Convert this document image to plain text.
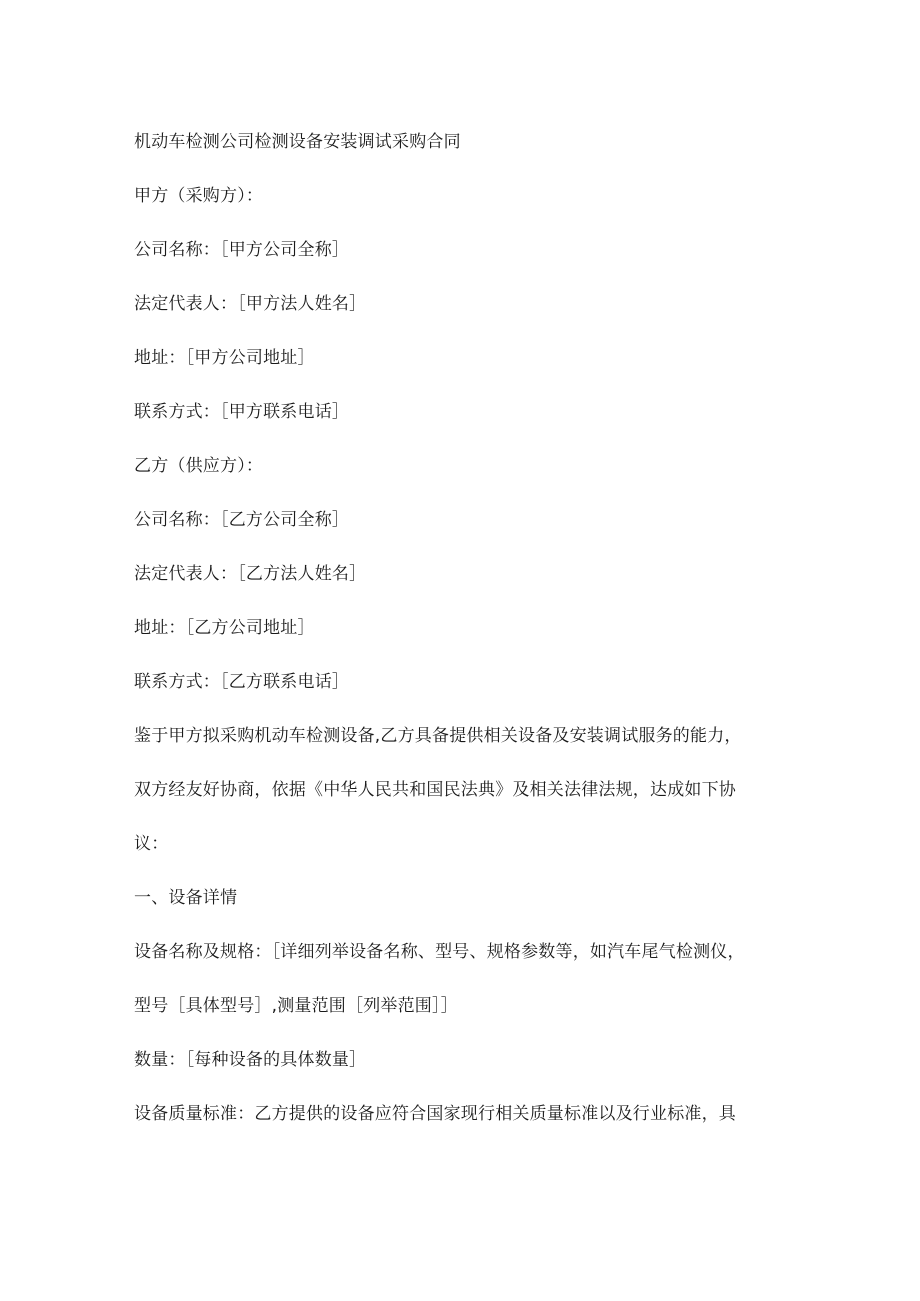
机动车检测公司检测设备安装调试采购合同
甲方（采购方）：
公司名称：［甲方公司全称］
法定代表人：［甲方法人姓名］
地址：［甲方公司地址］
联系方式：［甲方联系电话］
乙方（供应方）：
公司名称：［乙方公司全称］
法定代表人：［乙方法人姓名］
地址：［乙方公司地址］
联系方式：［乙方联系电话］
鉴于甲方拟采购机动车检测设备,乙方具备提供相关设备及安装调试服务的能力，
双方经友好协商，依据《中华人民共和国民法典》及相关法律法规，达成如下协
议：
一、设备详情
设备名称及规格：［详细列举设备名称、型号、规格参数等，如汽车尾气检测仪，
型号［具体型号］,测量范围［列举范围］］
数量：［每种设备的具体数量］
设备质量标准：乙方提供的设备应符合国家现行相关质量标准以及行业标准，具
